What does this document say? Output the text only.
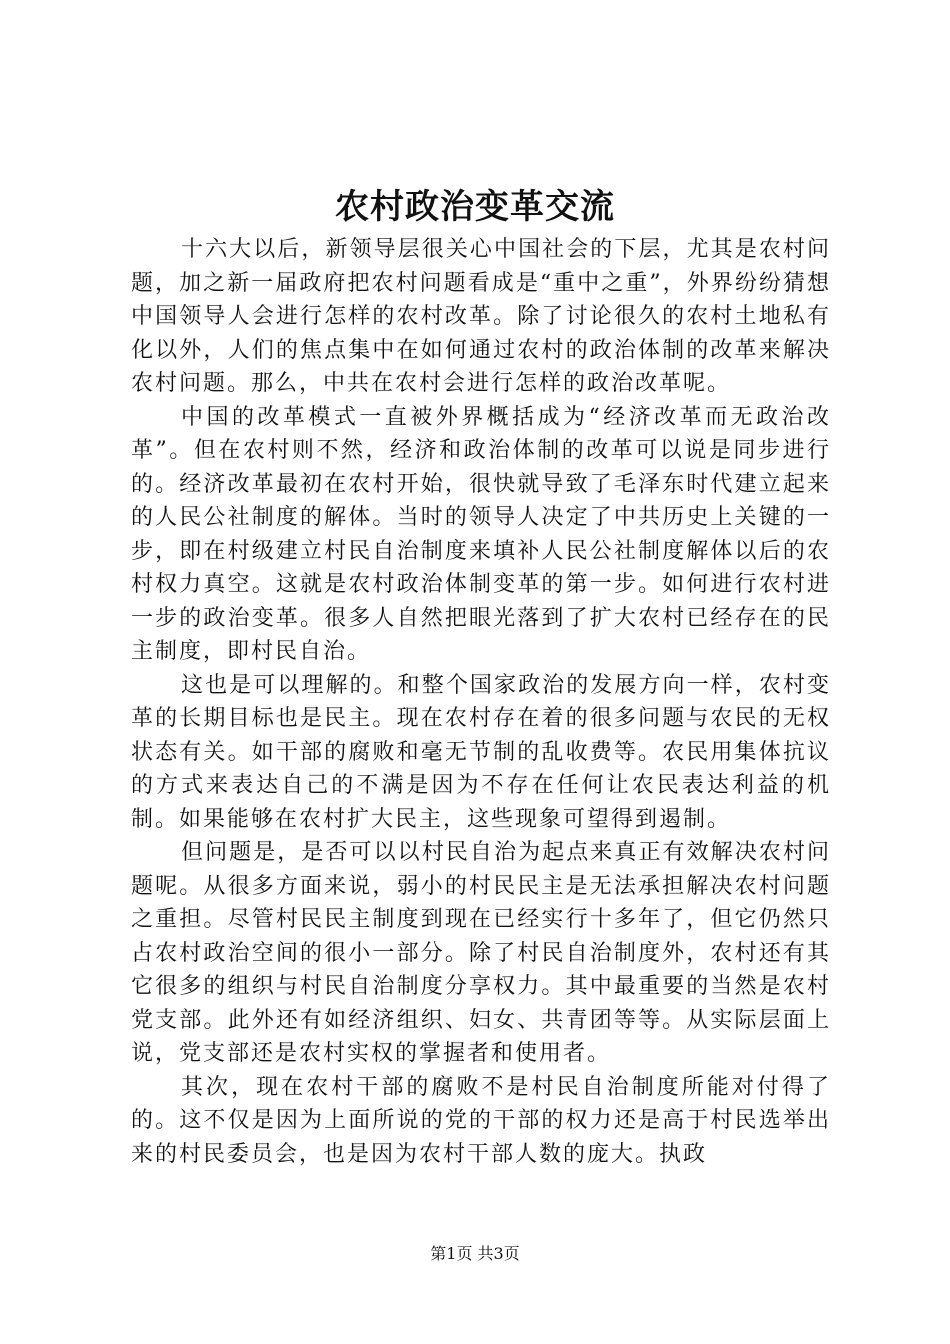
农村政治变革交流

十六大以后，新领导层很关心中国社会的下层，尤其是农村问题，加之新一届政府把农村问题看成是“重中之重”，外界纷纷猜想中国领导人会进行怎样的农村改革。除了讨论很久的农村土地私有化以外，人们的焦点集中在如何通过农村的政治体制的改革来解决农村问题。那么，中共在农村会进行怎样的政治改革呢。

中国的改革模式一直被外界概括成为“经济改革而无政治改革”。但在农村则不然，经济和政治体制的改革可以说是同步进行的。经济改革最初在农村开始，很快就导致了毛泽东时代建立起来的人民公社制度的解体。当时的领导人决定了中共历史上关键的一步，即在村级建立村民自治制度来填补人民公社制度解体以后的农村权力真空。这就是农村政治体制变革的第一步。如何进行农村进一步的政治变革。很多人自然把眼光落到了扩大农村已经存在的民主制度，即村民自治。

这也是可以理解的。和整个国家政治的发展方向一样，农村变革的长期目标也是民主。现在农村存在着的很多问题与农民的无权状态有关。如干部的腐败和毫无节制的乱收费等。农民用集体抗议的方式来表达自己的不满是因为不存在任何让农民表达利益的机制。如果能够在农村扩大民主，这些现象可望得到遏制。

但问题是，是否可以以村民自治为起点来真正有效解决农村问题呢。从很多方面来说，弱小的村民民主是无法承担解决农村问题之重担。尽管村民民主制度到现在已经实行十多年了，但它仍然只占农村政治空间的很小一部分。除了村民自治制度外，农村还有其它很多的组织与村民自治制度分享权力。其中最重要的当然是农村党支部。此外还有如经济组织、妇女、共青团等等。从实际层面上说，党支部还是农村实权的掌握者和使用者。

其次，现在农村干部的腐败不是村民自治制度所能对付得了的。这不仅是因为上面所说的党的干部的权力还是高于村民选举出来的村民委员会，也是因为农村干部人数的庞大。执政

第1页 共3页
